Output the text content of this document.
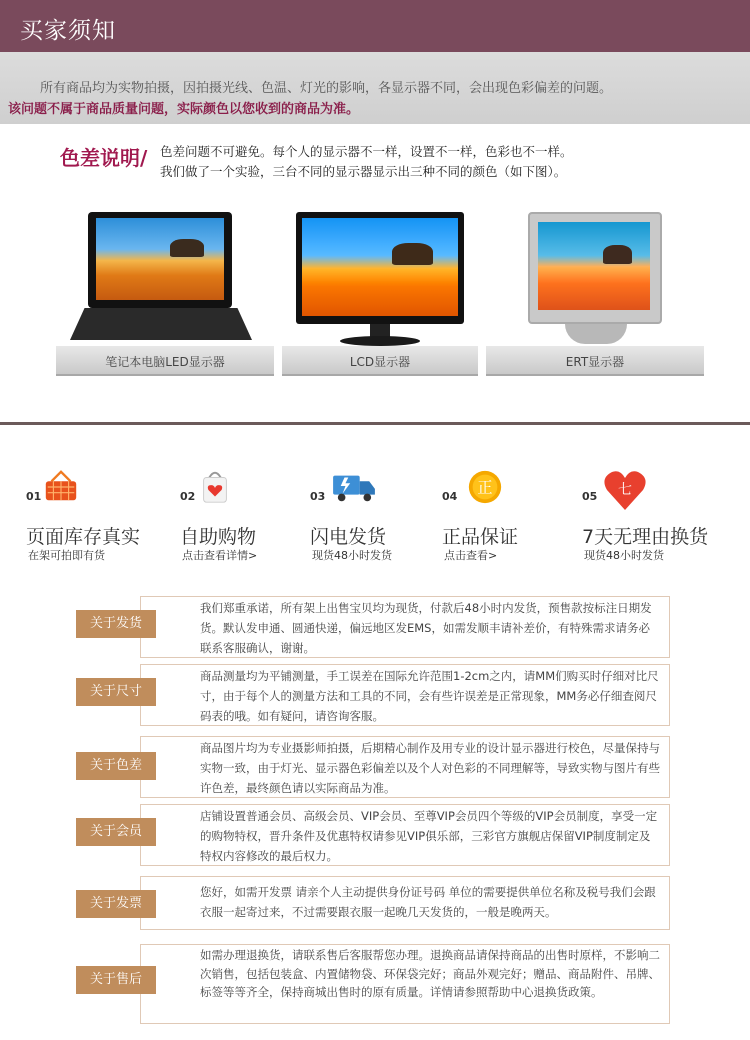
买家须知
所有商品均为实物拍摄，因拍摄光线、色温、灯光的影响，各显示器不同，会出现色彩偏差的问题。
该问题不属于商品质量问题，实际颜色以您收到的商品为准。
色差说明/ 色差问题不可避免。每个人的显示器不一样，设置不一样，色彩也不一样。
我们做了一个实验，三台不同的显示器显示出三种不同的颜色（如下图）。
笔记本电脑LED显示器	LCD显示器	ERT显示器
01
页面库存真实
在架可拍即有货
02
自助购物
点击查看详情>
03
闪电发货
现货48小时发货
04 正
正品保证
点击查看>
05 七
7天无理由换货
现货48小时发货
关于发货
我们郑重承诺，所有架上出售宝贝均为现货，付款后48小时内发货，预售款按标注日期发货。默认发申通、圆通快递，偏远地区发EMS，如需发顺丰请补差价，有特殊需求请务必联系客服确认，谢谢。
关于尺寸
商品测量均为平铺测量，手工误差在国际允许范围1-2cm之内，请MM们购买时仔细对比尺寸，由于每个人的测量方法和工具的不同，会有些许误差是正常现象，MM务必仔细查阅尺码表的哦。如有疑问，请咨询客服。
关于色差
商品图片均为专业摄影师拍摄，后期精心制作及用专业的设计显示器进行校色，尽量保持与实物一致，由于灯光、显示器色彩偏差以及个人对色彩的不同理解等，导致实物与图片有些许色差，最终颜色请以实际商品为准。
关于会员
店铺设置普通会员、高级会员、VIP会员、至尊VIP会员四个等级的VIP会员制度，享受一定的购物特权，晋升条件及优惠特权请参见VIP俱乐部，三彩官方旗舰店保留VIP制度制定及特权内容修改的最后权力。
关于发票
您好，如需开发票 请亲个人主动提供身份证号码 单位的需要提供单位名称及税号我们会跟衣服一起寄过来，不过需要跟衣服一起晚几天发货的，一般是晚两天。
关于售后
如需办理退换货，请联系售后客服帮您办理。退换商品请保持商品的出售时原样，不影响二次销售，包括包装盒、内置储物袋、环保袋完好；商品外观完好；赠品、商品附件、吊牌、标签等等齐全，保持商城出售时的原有质量。详情请参照帮助中心退换货政策。
